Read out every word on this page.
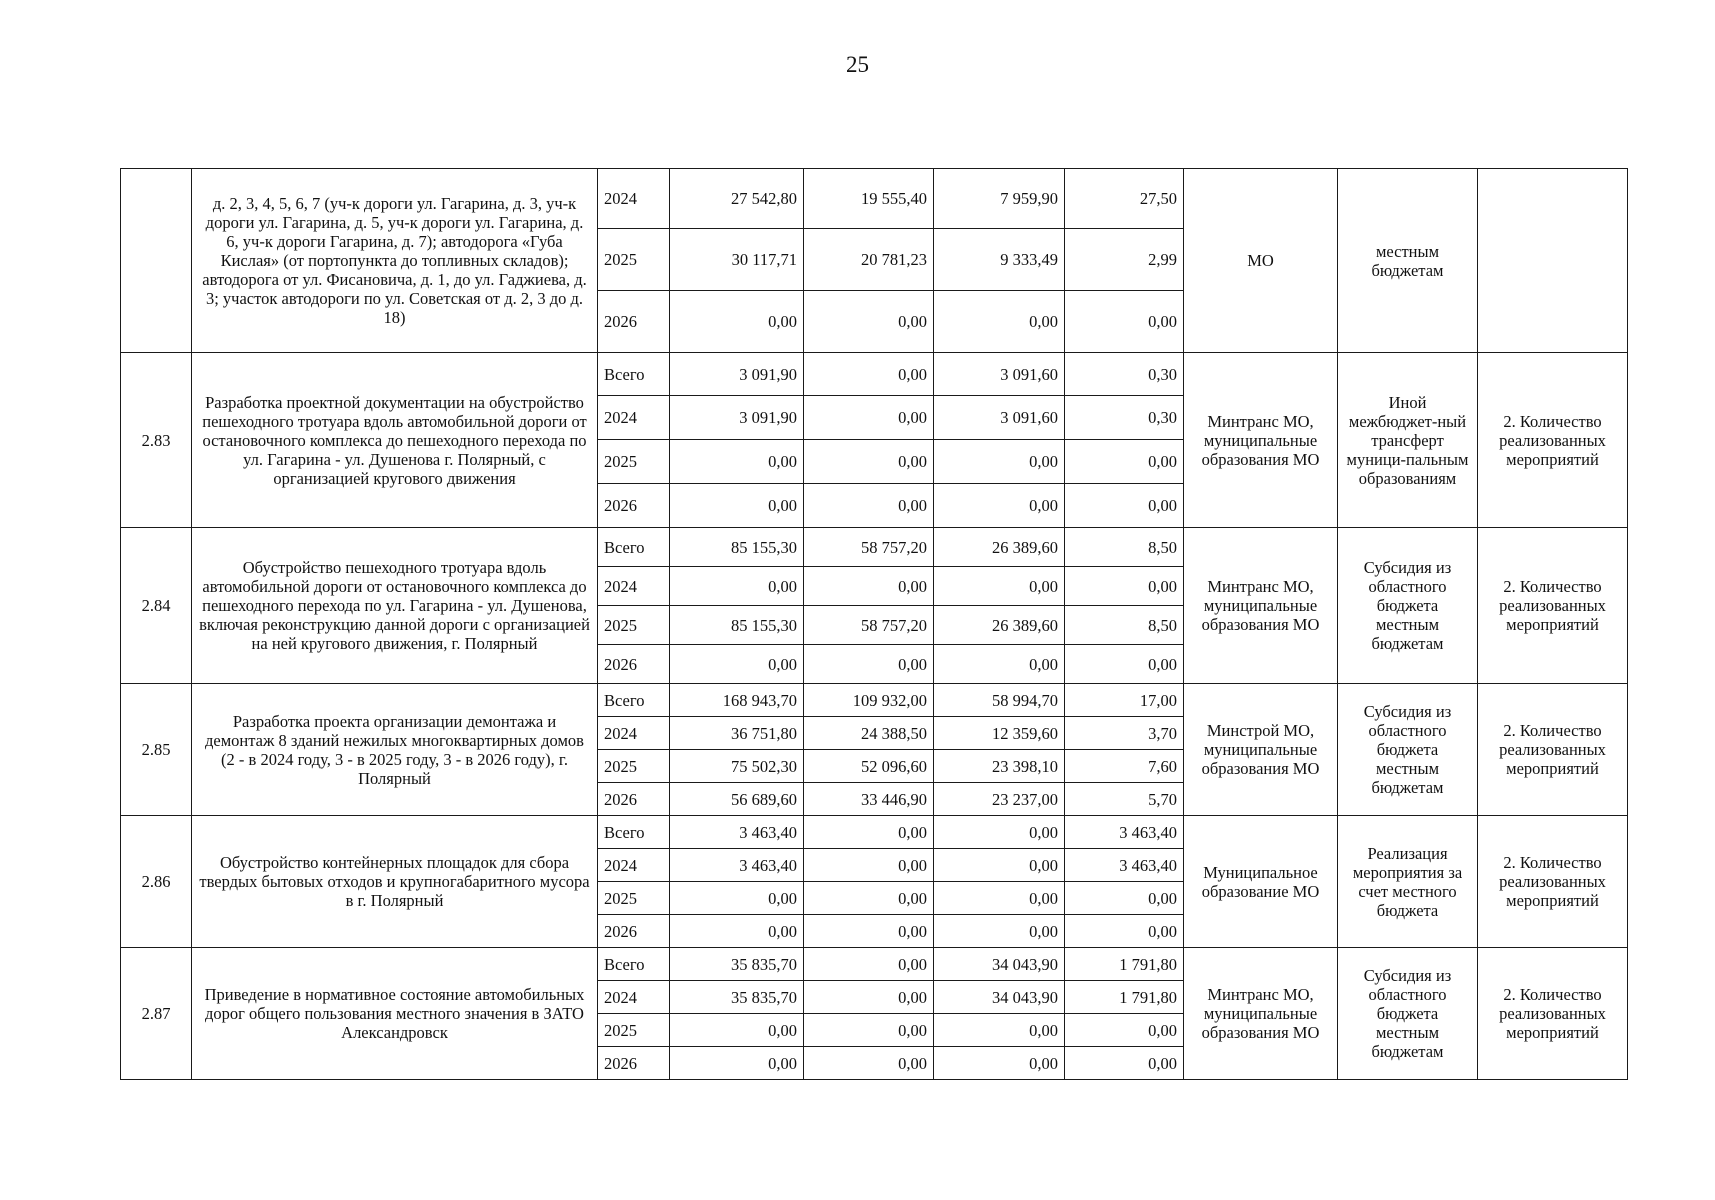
25
	д. 2, 3, 4, 5, 6, 7 (уч-к дороги ул. Гагарина, д. 3, уч-к дороги ул. Гагарина, д. 5, уч-к дороги ул. Гагарина, д. 6, уч-к дороги Гагарина, д. 7); автодорога «Губа Кислая» (от портопункта до топливных складов); автодорога от ул. Фисановича, д. 1, до ул. Гаджиева, д. 3; участок автодороги по ул. Советская от д. 2, 3 до д. 18)	2024	27 542,80	19 555,40	7 959,90	27,50	МО	местным бюджетам	
		2025	30 117,71	20 781,23	9 333,49	2,99			
		2026	0,00	0,00	0,00	0,00			
2.83	Разработка проектной документации на обустройство пешеходного тротуара вдоль автомобильной дороги от остановочного комплекса до пешеходного перехода по ул. Гагарина - ул. Душенова г. Полярный, с организацией кругового движения	Всего	3 091,90	0,00	3 091,60	0,30	Минтранс МО, муниципальные образования МО	Иной межбюджет-ный трансферт муници-пальным образованиям	2. Количество реализованных мероприятий
		2024	3 091,90	0,00	3 091,60	0,30			
		2025	0,00	0,00	0,00	0,00			
		2026	0,00	0,00	0,00	0,00			
2.84	Обустройство пешеходного тротуара вдоль автомобильной дороги от остановочного комплекса до пешеходного перехода по ул. Гагарина - ул. Душенова, включая реконструкцию данной дороги с организацией на ней кругового движения, г. Полярный	Всего	85 155,30	58 757,20	26 389,60	8,50	Минтранс МО, муниципальные образования МО	Субсидия из областного бюджета местным бюджетам	2. Количество реализованных мероприятий
		2024	0,00	0,00	0,00	0,00			
		2025	85 155,30	58 757,20	26 389,60	8,50			
		2026	0,00	0,00	0,00	0,00			
2.85	Разработка проекта организации демонтажа и демонтаж 8 зданий нежилых многоквартирных домов (2 - в 2024 году, 3 - в 2025 году, 3 - в 2026 году), г. Полярный	Всего	168 943,70	109 932,00	58 994,70	17,00	Минстрой МО, муниципальные образования МО	Субсидия из областного бюджета местным бюджетам	2. Количество реализованных мероприятий
		2024	36 751,80	24 388,50	12 359,60	3,70			
		2025	75 502,30	52 096,60	23 398,10	7,60			
		2026	56 689,60	33 446,90	23 237,00	5,70			
2.86	Обустройство контейнерных площадок для сбора твердых бытовых отходов и крупногабаритного мусора в г. Полярный	Всего	3 463,40	0,00	0,00	3 463,40	Муниципальное образование МО	Реализация мероприятия за счет местного бюджета	2. Количество реализованных мероприятий
		2024	3 463,40	0,00	0,00	3 463,40			
		2025	0,00	0,00	0,00	0,00			
		2026	0,00	0,00	0,00	0,00			
2.87	Приведение в нормативное состояние автомобильных дорог общего пользования местного значения в ЗАТО Александровск	Всего	35 835,70	0,00	34 043,90	1 791,80	Минтранс МО, муниципальные образования МО	Субсидия из областного бюджета местным бюджетам	2. Количество реализованных мероприятий
		2024	35 835,70	0,00	34 043,90	1 791,80			
		2025	0,00	0,00	0,00	0,00			
		2026	0,00	0,00	0,00	0,00			
